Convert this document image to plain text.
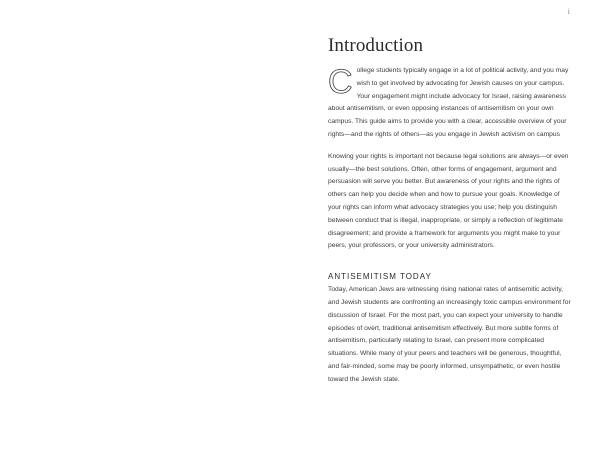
i
Introduction

College students typically engage in a lot of political activity, and you may wish to get involved by advocating for Jewish causes on your campus. Your engagement might include advocacy for Israel, raising awareness about antisemitism, or even opposing instances of antisemitism on your own campus. This guide aims to provide you with a clear, accessible overview of your rights—and the rights of others—as you engage in Jewish activism on campus

Knowing your rights is important not because legal solutions are always—or even usually—the best solutions. Often, other forms of engagement, argument and persuasion will serve you better. But awareness of your rights and the rights of others can help you decide when and how to pursue your goals. Knowledge of your rights can inform what advocacy strategies you use; help you distinguish between conduct that is illegal, inappropriate, or simply a reflection of legitimate disagreement; and provide a framework for arguments you might make to your peers, your professors, or your university administrators.

ANTISEMITISM TODAY

Today, American Jews are witnessing rising national rates of antisemitic activity, and Jewish students are confronting an increasingly toxic campus environment for discussion of Israel. For the most part, you can expect your university to handle episodes of overt, traditional antisemitism effectively. But more subtle forms of antisemitism, particularly relating to Israel, can present more complicated situations. While many of your peers and teachers will be generous, thoughtful, and fair-minded, some may be poorly informed, unsympathetic, or even hostile toward the Jewish state.
